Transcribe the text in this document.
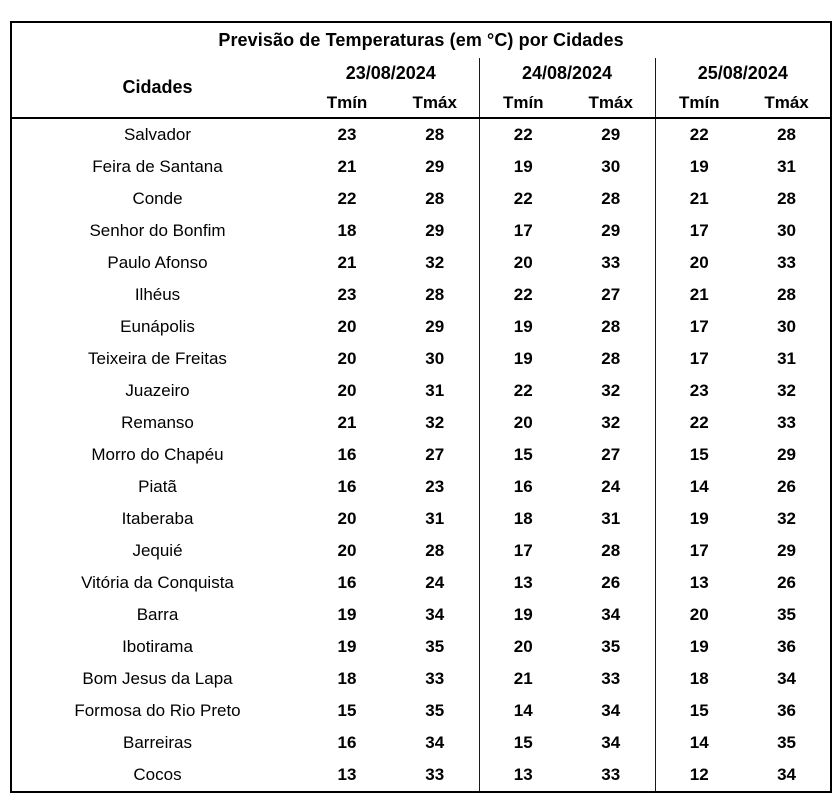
Previsão de Temperaturas (em °C) por Cidades						
Cidades	23/08/2024		24/08/2024		25/08/2024	
	Tmín	Tmáx	Tmín	Tmáx	Tmín	Tmáx
Salvador	23	28	22	29	22	28
Feira de Santana	21	29	19	30	19	31
Conde	22	28	22	28	21	28
Senhor do Bonfim	18	29	17	29	17	30
Paulo Afonso	21	32	20	33	20	33
Ilhéus	23	28	22	27	21	28
Eunápolis	20	29	19	28	17	30
Teixeira de Freitas	20	30	19	28	17	31
Juazeiro	20	31	22	32	23	32
Remanso	21	32	20	32	22	33
Morro do Chapéu	16	27	15	27	15	29
Piatã	16	23	16	24	14	26
Itaberaba	20	31	18	31	19	32
Jequié	20	28	17	28	17	29
Vitória da Conquista	16	24	13	26	13	26
Barra	19	34	19	34	20	35
Ibotirama	19	35	20	35	19	36
Bom Jesus da Lapa	18	33	21	33	18	34
Formosa do Rio Preto	15	35	14	34	15	36
Barreiras	16	34	15	34	14	35
Cocos	13	33	13	33	12	34
